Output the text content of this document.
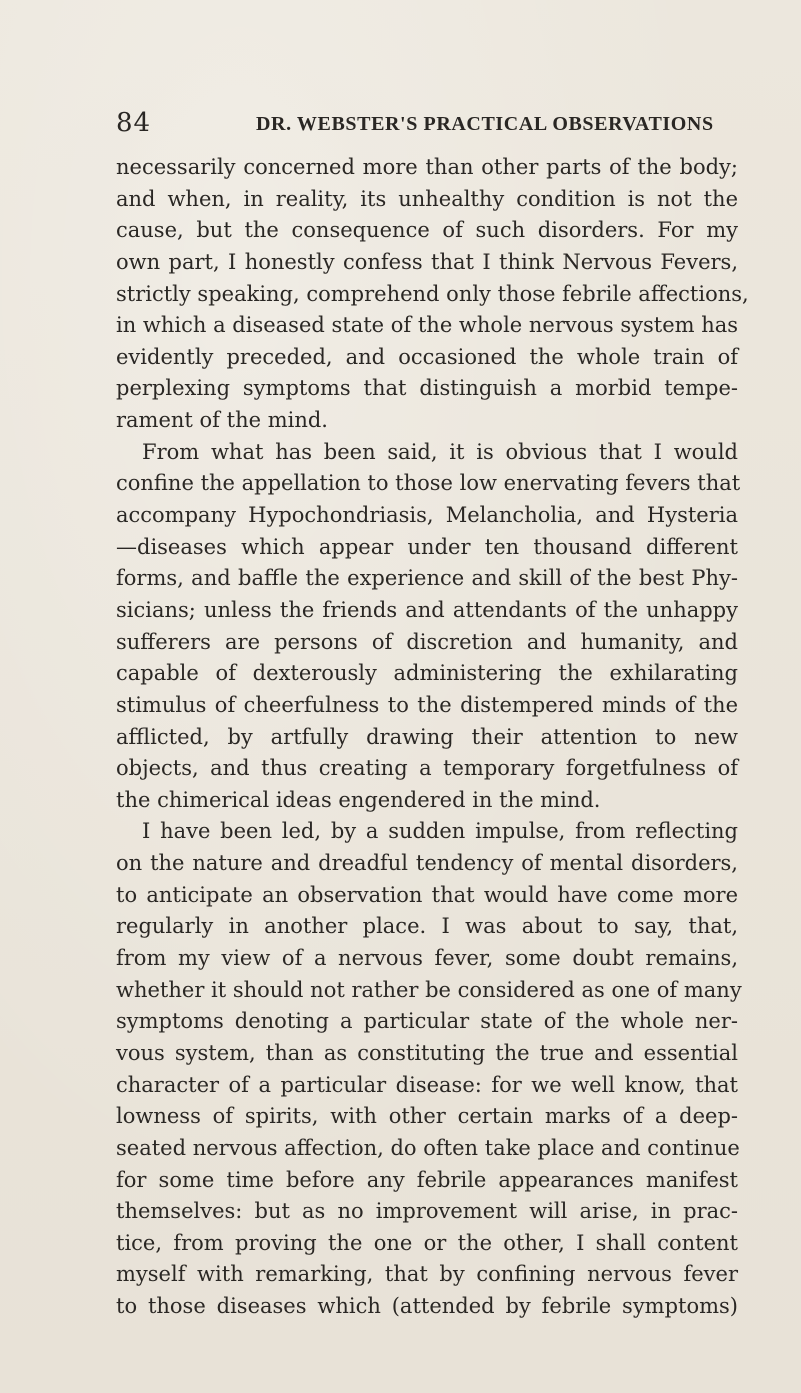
84	DR. WEBSTER'S PRACTICAL OBSERVATIONS
necessarily concerned more than other parts of the body;
and when, in reality, its unhealthy condition is not the
cause, but the consequence of such disorders. For my
own part, I honestly confess that I think Nervous Fevers,
strictly speaking, comprehend only those febrile affections,
in which a diseased state of the whole nervous system has
evidently preceded, and occasioned the whole train of
perplexing symptoms that distinguish a morbid tempe-
rament of the mind.
From what has been said, it is obvious that I would
confine the appellation to those low enervating fevers that
accompany Hypochondriasis, Melancholia, and Hysteria
—diseases which appear under ten thousand different
forms, and baffle the experience and skill of the best Phy-
sicians; unless the friends and attendants of the unhappy
sufferers are persons of discretion and humanity, and
capable of dexterously administering the exhilarating
stimulus of cheerfulness to the distempered minds of the
afflicted, by artfully drawing their attention to new
objects, and thus creating a temporary forgetfulness of
the chimerical ideas engendered in the mind.
I have been led, by a sudden impulse, from reflecting
on the nature and dreadful tendency of mental disorders,
to anticipate an observation that would have come more
regularly in another place. I was about to say, that,
from my view of a nervous fever, some doubt remains,
whether it should not rather be considered as one of many
symptoms denoting a particular state of the whole ner-
vous system, than as constituting the true and essential
character of a particular disease: for we well know, that
lowness of spirits, with other certain marks of a deep-
seated nervous affection, do often take place and continue
for some time before any febrile appearances manifest
themselves: but as no improvement will arise, in prac-
tice, from proving the one or the other, I shall content
myself with remarking, that by confining nervous fever
to those diseases which (attended by febrile symptoms)
